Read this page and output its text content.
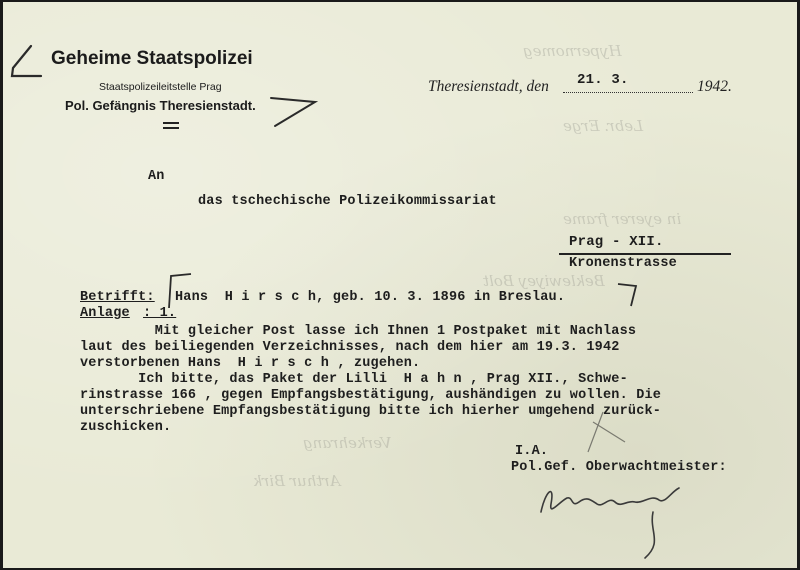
Hypernomeg
Lebr. Erge
in eyerer frame
Beklewiyey Bolt
Verkehrang
Arthur Birk
Geheime Staatspolizei
Staatspolizeileitstelle Prag
Pol. Gefängnis Theresienstadt.
Theresienstadt, den 21. 3.	1942.
An
das tschechische Polizeikommissariat
Prag - XII.
Kronenstrasse
Betrifft: Hans  H i r s c h, geb. 10. 3. 1896 in Breslau.
Anlage : 1.
Mit gleicher Post lasse ich Ihnen 1 Postpaket mit Nachlass
laut des beiliegenden Verzeichnisses, nach dem hier am 19.3. 1942
verstorbenen Hans  H i r s c h , zugehen.
Ich bitte, das Paket der Lilli  H a h n , Prag XII., Schwe-
rinstrasse 166 , gegen Empfangsbestätigung, aushändigen zu wollen. Die
unterschriebene Empfangsbestätigung bitte ich hierher umgehend zurück-
zuschicken.
I.A.
Pol.Gef. Oberwachtmeister:
